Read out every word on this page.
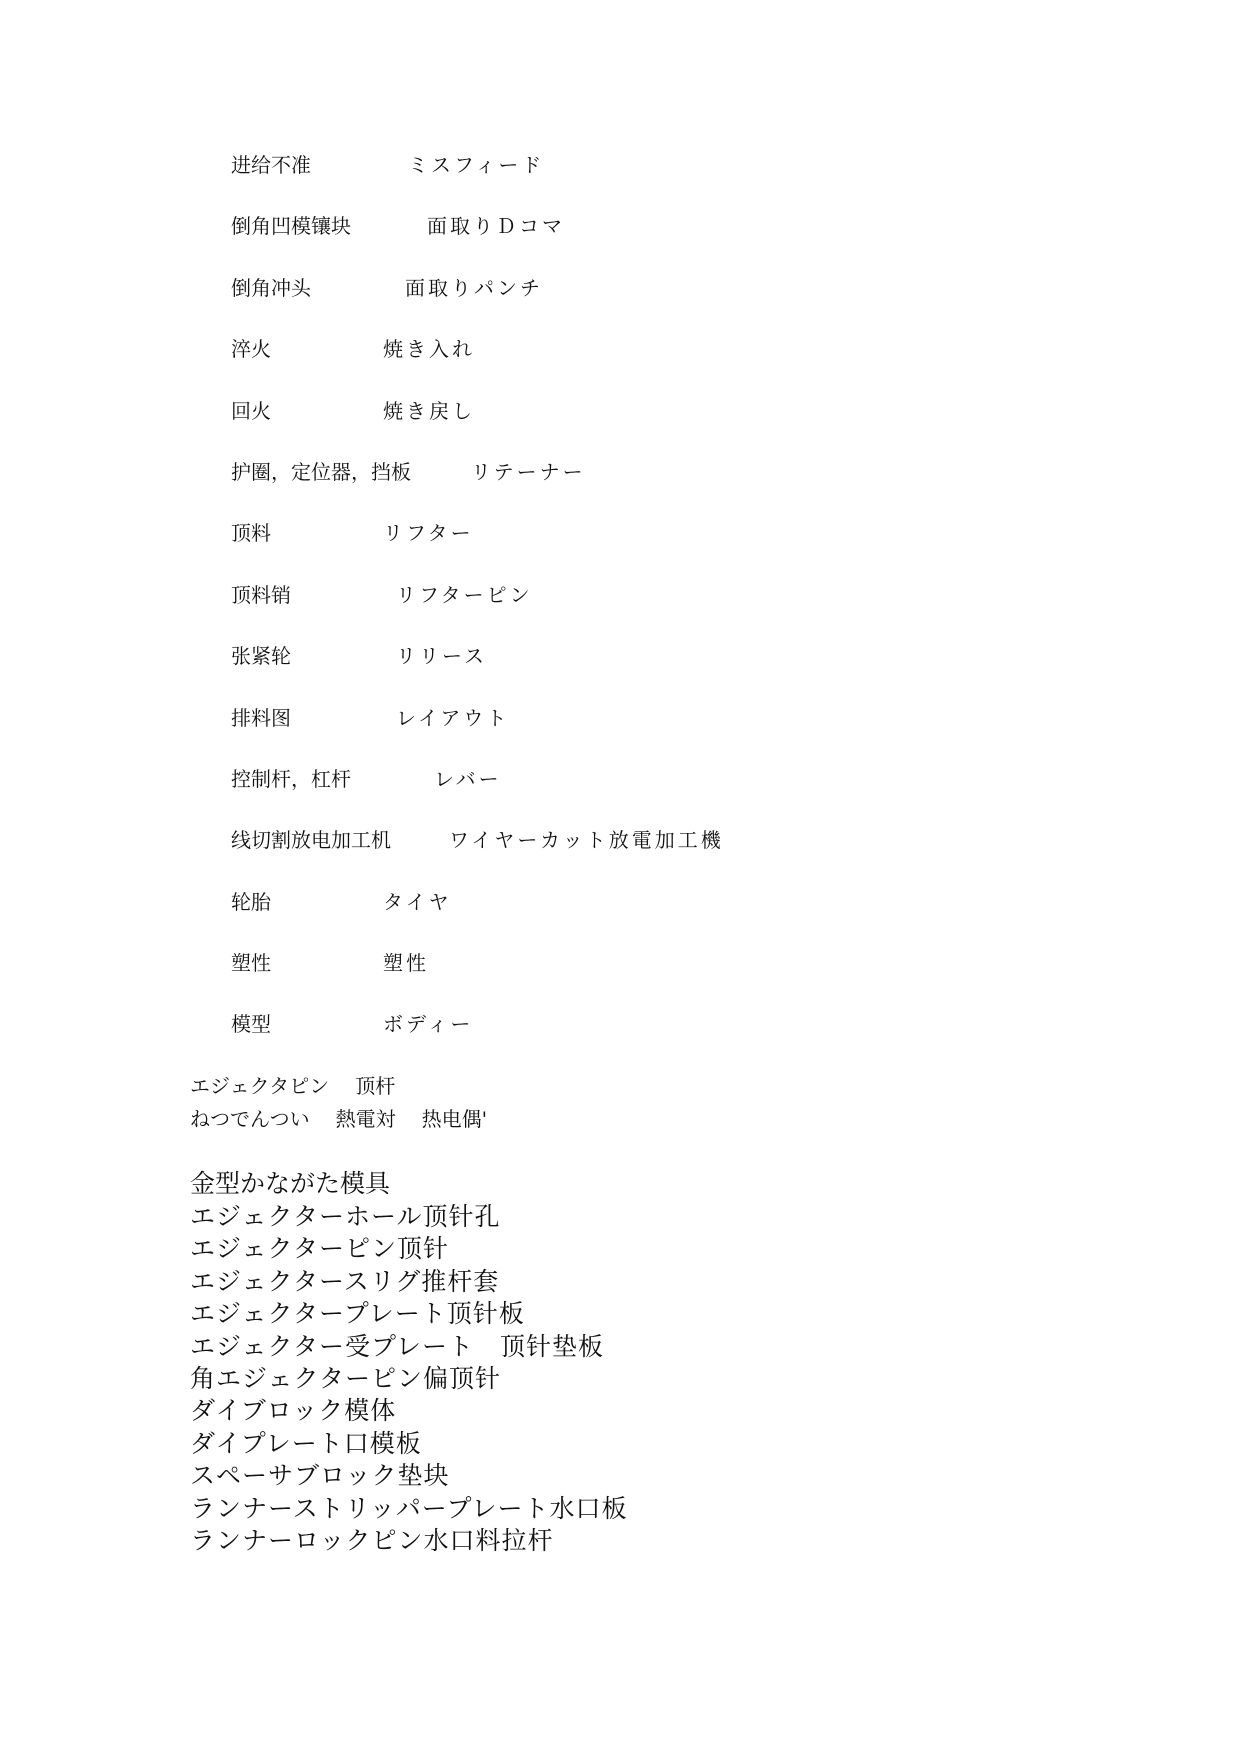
进给不准	ミスフィード
倒角凹模镶块	面取りＤコマ
倒角冲头	面取りパンチ
淬火	焼き入れ
回火	焼き戻し
护圈，定位器，挡板	リテーナー
顶料	リフター
顶料销	リフターピン
张紧轮	リリース
排料图	レイアウト
控制杆，杠杆	レバー
线切割放电加工机	ワイヤーカット放電加工機
轮胎	タイヤ
塑性	塑性
模型	ボディー
エジェクタピン 顶杆
ねつでんつい 熱電対 热电偶'
金型かながた模具
エジェクターホール顶针孔
エジェクターピン顶针
エジェクタースリグ推杆套
エジェクタープレート顶针板
エジェクター受プレート　顶针垫板
角エジェクターピン偏顶针
ダイブロック模体
ダイプレート口模板
スペーサブロック垫块
ランナーストリッパープレート水口板
ランナーロックピン水口料拉杆
